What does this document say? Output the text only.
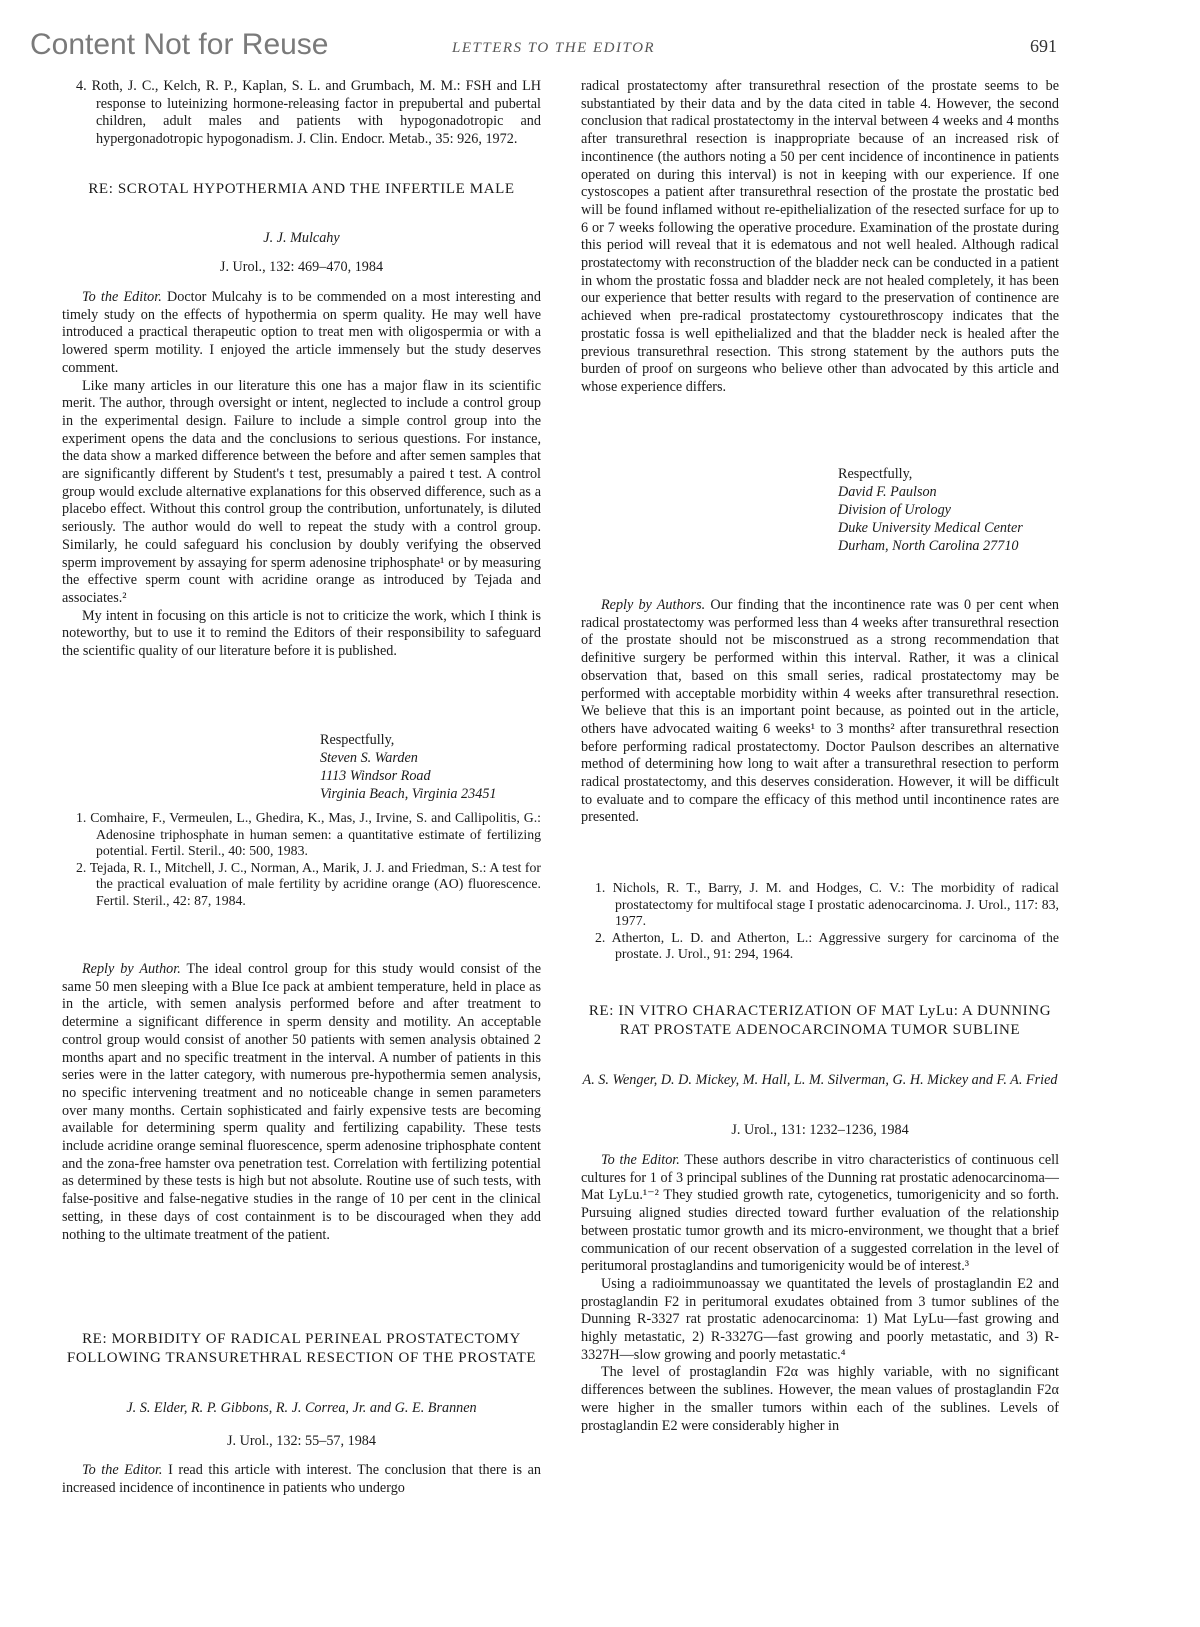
Content Not for Reuse	LETTERS TO THE EDITOR	691
4. Roth, J. C., Kelch, R. P., Kaplan, S. L. and Grumbach, M. M.: FSH and LH response to luteinizing hormone-releasing factor in prepubertal and pubertal children, adult males and patients with hypogonadotropic and hypergonadotropic hypogonadism. J. Clin. Endocr. Metab., 35: 926, 1972.
RE: SCROTAL HYPOTHERMIA AND THE INFERTILE MALE
J. J. Mulcahy
J. Urol., 132: 469–470, 1984

To the Editor. Doctor Mulcahy is to be commended on a most interesting and timely study on the effects of hypothermia on sperm quality. He may well have introduced a practical therapeutic option to treat men with oligospermia or with a lowered sperm motility. I enjoyed the article immensely but the study deserves comment.

Like many articles in our literature this one has a major flaw in its scientific merit. The author, through oversight or intent, neglected to include a control group in the experimental design. Failure to include a simple control group into the experiment opens the data and the conclusions to serious questions. For instance, the data show a marked difference between the before and after semen samples that are significantly different by Student's t test, presumably a paired t test. A control group would exclude alternative explanations for this observed difference, such as a placebo effect. Without this control group the contribution, unfortunately, is diluted seriously. The author would do well to repeat the study with a control group. Similarly, he could safeguard his conclusion by doubly verifying the observed sperm improvement by assaying for sperm adenosine triphosphate¹ or by measuring the effective sperm count with acridine orange as introduced by Tejada and associates.²

My intent in focusing on this article is not to criticize the work, which I think is noteworthy, but to use it to remind the Editors of their responsibility to safeguard the scientific quality of our literature before it is published.

Respectfully,
Steven S. Warden
1113 Windsor Road
Virginia Beach, Virginia 23451
1. Comhaire, F., Vermeulen, L., Ghedira, K., Mas, J., Irvine, S. and Callipolitis, G.: Adenosine triphosphate in human semen: a quantitative estimate of fertilizing potential. Fertil. Steril., 40: 500, 1983.
2. Tejada, R. I., Mitchell, J. C., Norman, A., Marik, J. J. and Friedman, S.: A test for the practical evaluation of male fertility by acridine orange (AO) fluorescence. Fertil. Steril., 42: 87, 1984.

Reply by Author. The ideal control group for this study would consist of the same 50 men sleeping with a Blue Ice pack at ambient temperature, held in place as in the article, with semen analysis performed before and after treatment to determine a significant difference in sperm density and motility. An acceptable control group would consist of another 50 patients with semen analysis obtained 2 months apart and no specific treatment in the interval. A number of patients in this series were in the latter category, with numerous pre-hypothermia semen analysis, no specific intervening treatment and no noticeable change in semen parameters over many months. Certain sophisticated and fairly expensive tests are becoming available for determining sperm quality and fertilizing capability. These tests include acridine orange seminal fluorescence, sperm adenosine triphosphate content and the zona-free hamster ova penetration test. Correlation with fertilizing potential as determined by these tests is high but not absolute. Routine use of such tests, with false-positive and false-negative studies in the range of 10 per cent in the clinical setting, in these days of cost containment is to be discouraged when they add nothing to the ultimate treatment of the patient.

RE: MORBIDITY OF RADICAL PERINEAL PROSTATECTOMY FOLLOWING TRANSURETHRAL RESECTION OF THE PROSTATE
J. S. Elder, R. P. Gibbons, R. J. Correa, Jr. and G. E. Brannen
J. Urol., 132: 55–57, 1984

To the Editor. I read this article with interest. The conclusion that there is an increased incidence of incontinence in patients who undergo

radical prostatectomy after transurethral resection of the prostate seems to be substantiated by their data and by the data cited in table 4. However, the second conclusion that radical prostatectomy in the interval between 4 weeks and 4 months after transurethral resection is inappropriate because of an increased risk of incontinence (the authors noting a 50 per cent incidence of incontinence in patients operated on during this interval) is not in keeping with our experience. If one cystoscopes a patient after transurethral resection of the prostate the prostatic bed will be found inflamed without re-epithelialization of the resected surface for up to 6 or 7 weeks following the operative procedure. Examination of the prostate during this period will reveal that it is edematous and not well healed. Although radical prostatectomy with reconstruction of the bladder neck can be conducted in a patient in whom the prostatic fossa and bladder neck are not healed completely, it has been our experience that better results with regard to the preservation of continence are achieved when pre-radical prostatectomy cystourethroscopy indicates that the prostatic fossa is well epithelialized and that the bladder neck is healed after the previous transurethral resection. This strong statement by the authors puts the burden of proof on surgeons who believe other than advocated by this article and whose experience differs.
Respectfully,
David F. Paulson
Division of Urology
Duke University Medical Center
Durham, North Carolina 27710

Reply by Authors. Our finding that the incontinence rate was 0 per cent when radical prostatectomy was performed less than 4 weeks after transurethral resection of the prostate should not be misconstrued as a strong recommendation that definitive surgery be performed within this interval. Rather, it was a clinical observation that, based on this small series, radical prostatectomy may be performed with acceptable morbidity within 4 weeks after transurethral resection. We believe that this is an important point because, as pointed out in the article, others have advocated waiting 6 weeks¹ to 3 months² after transurethral resection before performing radical prostatectomy. Doctor Paulson describes an alternative method of determining how long to wait after a transurethral resection to perform radical prostatectomy, and this deserves consideration. However, it will be difficult to evaluate and to compare the efficacy of this method until incontinence rates are presented.

1. Nichols, R. T., Barry, J. M. and Hodges, C. V.: The morbidity of radical prostatectomy for multifocal stage I prostatic adenocarcinoma. J. Urol., 117: 83, 1977.
2. Atherton, L. D. and Atherton, L.: Aggressive surgery for carcinoma of the prostate. J. Urol., 91: 294, 1964.
RE: IN VITRO CHARACTERIZATION OF MAT LyLu: A DUNNING RAT PROSTATE ADENOCARCINOMA TUMOR SUBLINE
A. S. Wenger, D. D. Mickey, M. Hall, L. M. Silverman, G. H. Mickey and F. A. Fried
J. Urol., 131: 1232–1236, 1984

To the Editor. These authors describe in vitro characteristics of continuous cell cultures for 1 of 3 principal sublines of the Dunning rat prostatic adenocarcinoma—Mat LyLu.¹⁻² They studied growth rate, cytogenetics, tumorigenicity and so forth. Pursuing aligned studies directed toward further evaluation of the relationship between prostatic tumor growth and its micro-environment, we thought that a brief communication of our recent observation of a suggested correlation in the level of peritumoral prostaglandins and tumorigenicity would be of interest.³

Using a radioimmunoassay we quantitated the levels of prostaglandin E2 and prostaglandin F2 in peritumoral exudates obtained from 3 tumor sublines of the Dunning R-3327 rat prostatic adenocarcinoma: 1) Mat LyLu—fast growing and highly metastatic, 2) R-3327G—fast growing and poorly metastatic, and 3) R-3327H—slow growing and poorly metastatic.⁴

The level of prostaglandin F2α was highly variable, with no significant differences between the sublines. However, the mean values of prostaglandin F2α were higher in the smaller tumors within each of the sublines. Levels of prostaglandin E2 were considerably higher in
